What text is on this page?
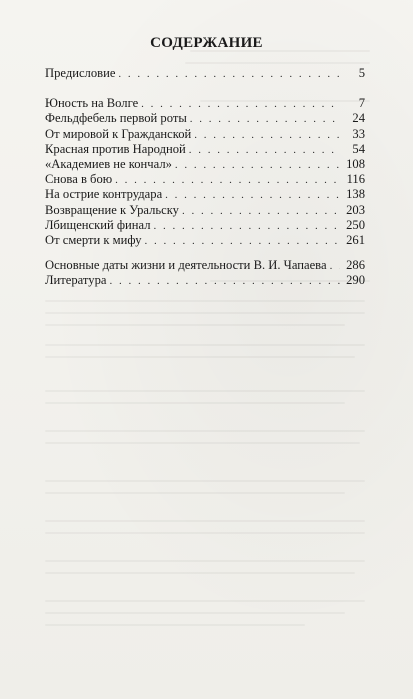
СОДЕРЖАНИЕ
Предисловие . . .	5
Юность на Волге . . .	7
Фельдфебель первой роты . . .	24
От мировой к Гражданской . . .	33
Красная против Народной . . .	54
«Академиев не кончал» . . .	108
Снова в бою . . .	116
На острие контрудара . . .	138
Возвращение к Уральску . . .	203
Лбищенский финал . . .	250
От смерти к мифу . . .	261
Основные даты жизни и деятельности В. И. Чапаева . . . 286
Литература . . .	290
